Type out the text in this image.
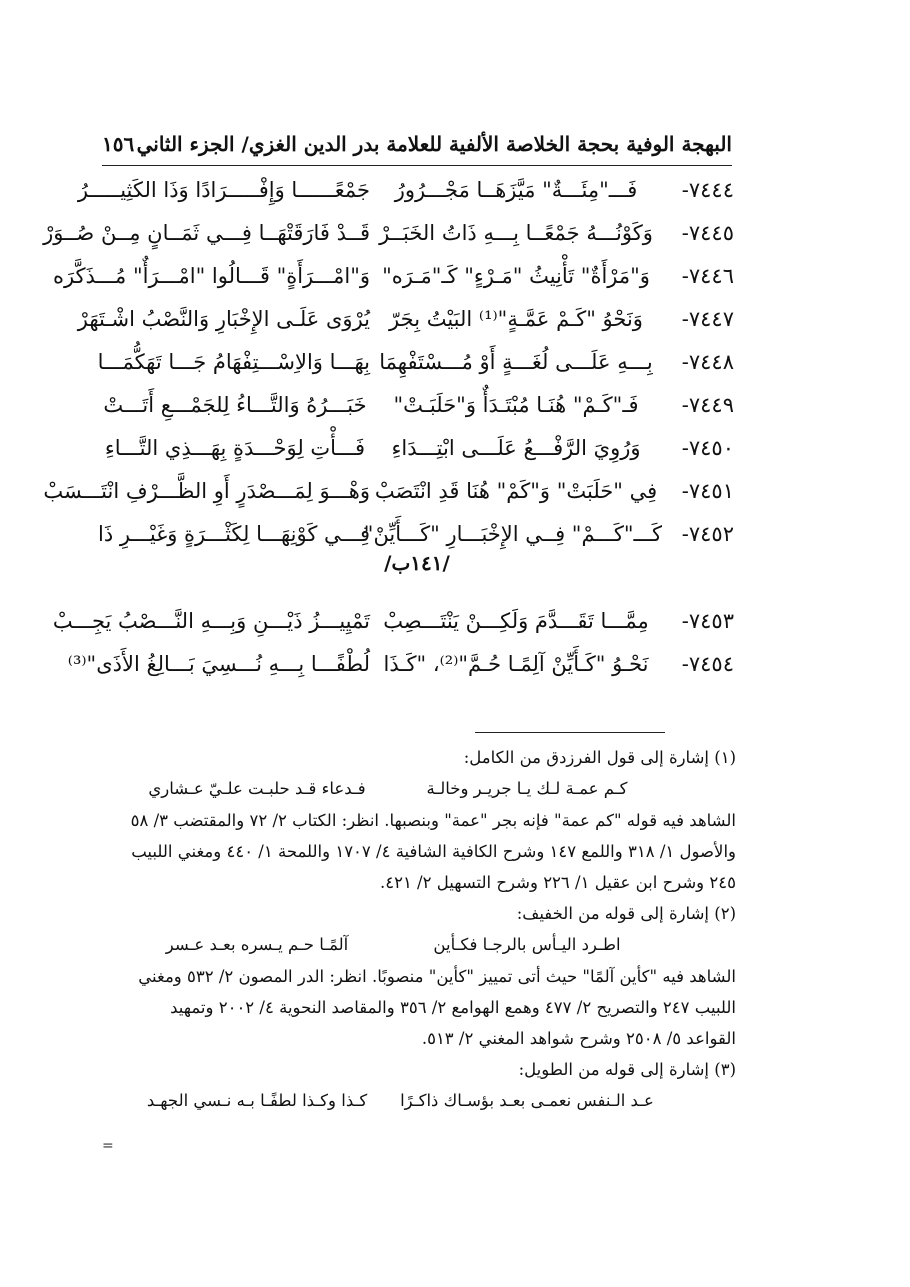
البهجة الوفية بحجة الخلاصة الألفية للعلامة بدر الدين الغزي/ الجزء الثاني
١٥٦
٧٤٤٤-
فَـــ"مِئَـــةٌ" مَيَّزَهَــا مَجْـــرُورُ
جَمْعًــــــا وَإِفْـــــرَادًا وَذَا الكَثِيـــــرُ
٧٤٤٥-
وَكَوْنُـــهُ جَمْعًــا بِـــهِ ذَاتُ الخَبَــرْ
قَــدْ فَارَقَتْهَــا فِـــي ثَمَــانٍ مِــنْ صُــوَرْ
٧٤٤٦-
وَ"مَرْأَةٌ" تَأْنِيثُ "مَـرْءٍ" كَـ"مَـرَه"
وَ"امْـــرَأَةٍ" قَـــالُوا "امْـــرَأٌ" مُـــذَكَّرَه
٧٤٤٧-
وَنَحْوُ "كَـمْ عَمَّـةٍ"⁽¹⁾ البَيْتُ بِجَرّ
يُرْوَى عَلَـى الإِخْبَارِ وَالنَّصْبُ اشْـتَهَرْ
٧٤٤٨-
بِـــهِ عَلَـــى لُغَـــةٍ أَوْ مُـــسْتَفْهِمَا
بِهَـــا وَالاِسْـــتِفْهَامُ جَـــا تَهَكُّمَـــا
٧٤٤٩-
فَـ"كَـمْ" هُنَـا مُبْتَـدَأٌ وَ"حَلَبَـتْ"
خَبَـــرُهُ وَالتَّـــاءُ لِلجَمْـــعِ أَتَـــتْ
٧٤٥٠-
وَرُوِيَ الرَّفْـــعُ عَلَـــى ابْتِـــدَاءِ
فَـــأْتِ لِوَحْـــدَةٍ بِهَـــذِي التَّـــاءِ
٧٤٥١-
فِي "حَلَبَتْ" وَ"كَمْ" هُنَا قَدِ انْتَصَبْ
وَهْـــوَ لِمَـــصْدَرٍ أَوِ الظَّـــرْفِ انْتَـــسَبْ
٧٤٥٢-
كَـــ"كَـــمْ" فِــي الإِخْبَـــارِ "كَـــأَيِّنْ"
فِـــي كَوْنِهَـــا لِكَثْـــرَةٍ وَغَيْـــرِ ذَا
/١٤١ب/
٧٤٥٣-
مِمَّـــا تَقَـــدَّمَ وَلَكِـــنْ يَنْتَـــصِبْ
تَمْيِيـــزُ ذَيْـــنِ وَبِـــهِ النَّـــصْبُ يَجِـــبْ
٧٤٥٤-
نَحْـوُ "كَـأَيِّنْ آلِمًـا حُـمَّ"⁽²⁾، "كَـذَا
لُطْفًـــا بِـــهِ نُـــسِيَ بَـــالِغُ الأَذَى"⁽³⁾
(١) إشارة إلى قول الفرزدق من الكامل:
كـم عمـة لـك يـا جريـر وخالـة
فـدعاء قـد حلبـت علـيّ عـشاري
الشاهد فيه قوله "كم عمة" فإنه بجر "عمة" وبنصبها. انظر: الكتاب ٢/ ٧٢ والمقتضب ٣/ ٥٨
والأصول ١/ ٣١٨ واللمع ١٤٧ وشرح الكافية الشافية ٤/ ١٧٠٧ واللمحة ١/ ٤٤٠ ومغني اللبيب
٢٤٥ وشرح ابن عقيل ١/ ٢٢٦ وشرح التسهيل ٢/ ٤٢١.
(٢) إشارة إلى قوله من الخفيف:
اطـرد اليـأس بالرجـا فكـأين
آلمًـا حـم يـسره بعـد عـسر
الشاهد فيه "كأين آلمًا" حيث أتى تمييز "كأين" منصوبًا. انظر: الدر المصون ٢/ ٥٣٢ ومغني
اللبيب ٢٤٧ والتصريح ٢/ ٤٧٧ وهمع الهوامع ٢/ ٣٥٦ والمقاصد النحوية ٤/ ٢٠٠٢ وتمهيد
القواعد ٥/ ٢٥٠٨ وشرح شواهد المغني ٢/ ٥١٣.
(٣) إشارة إلى قوله من الطويل:
عـد الـنفس نعمـى بعـد بؤسـاك ذاكـرًا
كـذا وكـذا لطفًـا بـه نـسي الجهـد
=
